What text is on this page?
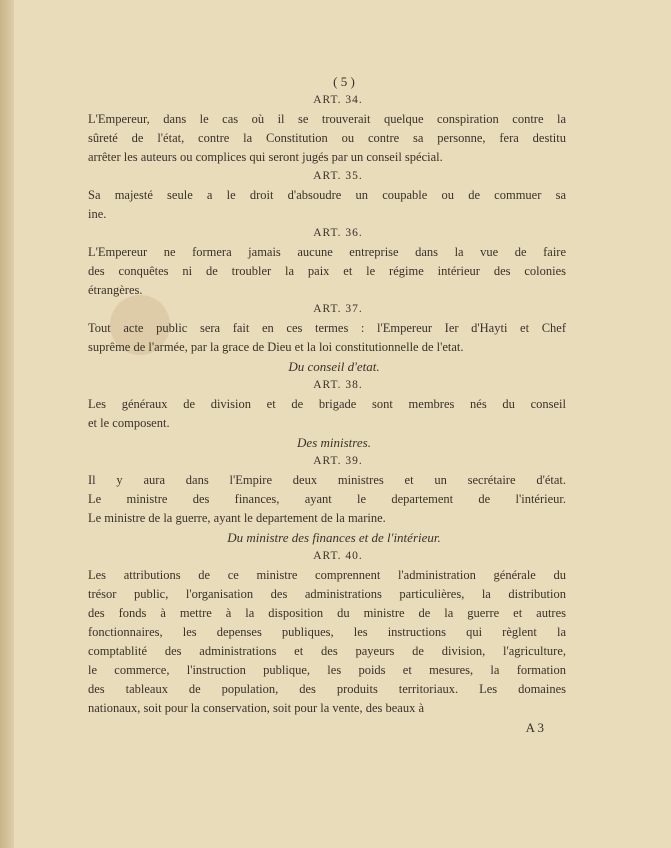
( 5 )
ART. 34.

L'Empereur, dans le cas où il se trouverait quelque conspiration contre la
sûreté de l'état, contre la Constitution ou contre sa personne, fera destitu
arrêter les auteurs ou complices qui seront jugés par un conseil spécial.

ART. 35.

Sa majesté seule a le droit d'absoudre un coupable ou de commuer sa
ine.

ART. 36.

L'Empereur ne formera jamais aucune entreprise dans la vue de faire
des conquêtes ni de troubler la paix et le régime intérieur des colonies
étrangères.

ART. 37.

Tout acte public sera fait en ces termes : l'Empereur Ier d'Hayti et Chef
suprême de l'armée, par la grace de Dieu et la loi constitutionnelle de l'etat.

Du conseil d'etat.
ART. 38.

Les généraux de division et de brigade sont membres nés du conseil
et le composent.

Des ministres.
ART. 39.

Il y aura dans l'Empire deux ministres et un secrétaire d'état.
Le ministre des finances, ayant le departement de l'intérieur.
Le ministre de la guerre, ayant le departement de la marine.

Du ministre des finances et de l'intérieur.
ART. 40.

Les attributions de ce ministre comprennent l'administration générale du
trésor public, l'organisation des administrations particulières, la distribution
des fonds à mettre à la disposition du ministre de la guerre et autres
fonctionnaires, les depenses publiques, les instructions qui règlent la
comptablité des administrations et des payeurs de division, l'agriculture,
le commerce, l'instruction publique, les poids et mesures, la formation
des tableaux de population, des produits territoriaux. Les domaines
nationaux, soit pour la conservation, soit pour la vente, des beaux à

A 3
